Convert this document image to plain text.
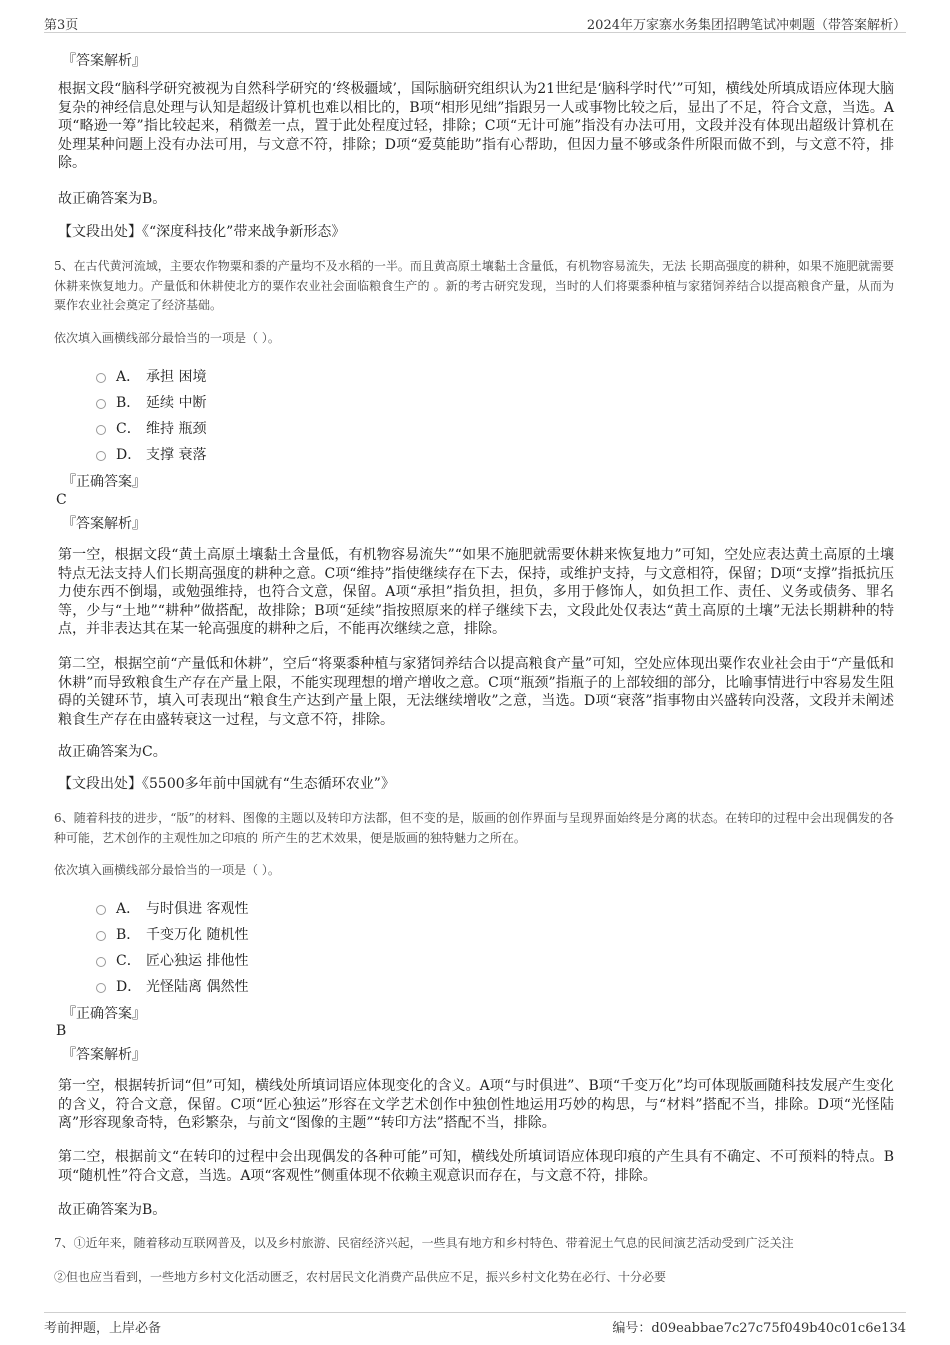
第3页	2024年万家寨水务集团招聘笔试冲刺题（带答案解析）
『答案解析』
根据文段“脑科学研究被视为自然科学研究的‘终极疆域’，国际脑研究组织认为21世纪是‘脑科学时代’”可知，横线处所填成语应体现大脑复杂的神经信息处理与认知是超级计算机也难以相比的，B项“相形见绌”指跟另一人或事物比较之后，显出了不足，符合文意，当选。A项“略逊一筹”指比较起来，稍微差一点，置于此处程度过轻，排除；C项“无计可施”指没有办法可用，文段并没有体现出超级计算机在处理某种问题上没有办法可用，与文意不符，排除；D项“爱莫能助”指有心帮助，但因力量不够或条件所限而做不到，与文意不符，排除。
故正确答案为B。
【文段出处】《“深度科技化”带来战争新形态》
5、在古代黄河流域，主要农作物粟和黍的产量均不及水稻的一半。而且黄高原土壤黏土含量低，有机物容易流失，无法 长期高强度的耕种，如果不施肥就需要休耕来恢复地力。产量低和休耕使北方的粟作农业社会面临粮食生产的 。新的考古研究发现，当时的人们将粟黍种植与家猪饲养结合以提高粮食产量，从而为粟作农业社会奠定了经济基础。
依次填入画横线部分最恰当的一项是（ ）。
A． 承担 困境
B． 延续 中断
C． 维持 瓶颈
D． 支撑 衰落
『正确答案』
C
『答案解析』
第一空，根据文段“黄土高原土壤黏土含量低，有机物容易流失”“如果不施肥就需要休耕来恢复地力”可知，空处应表达黄土高原的土壤特点无法支持人们长期高强度的耕种之意。C项“维持”指使继续存在下去，保持，或维护支持，与文意相符，保留；D项“支撑”指抵抗压力使东西不倒塌，或勉强维持，也符合文意，保留。A项“承担”指负担，担负，多用于修饰人，如负担工作、责任、义务或债务、罪名等，少与“土地”“耕种”做搭配，故排除；B项“延续”指按照原来的样子继续下去，文段此处仅表达“黄土高原的土壤”无法长期耕种的特点，并非表达其在某一轮高强度的耕种之后，不能再次继续之意，排除。
第二空，根据空前“产量低和休耕”，空后“将粟黍种植与家猪饲养结合以提高粮食产量”可知，空处应体现出粟作农业社会由于“产量低和休耕”而导致粮食生产存在产量上限，不能实现理想的增产增收之意。C项“瓶颈”指瓶子的上部较细的部分，比喻事情进行中容易发生阻碍的关键环节，填入可表现出“粮食生产达到产量上限，无法继续增收”之意，当选。D项“衰落”指事物由兴盛转向没落，文段并未阐述粮食生产存在由盛转衰这一过程，与文意不符，排除。
故正确答案为C。
【文段出处】《5500多年前中国就有“生态循环农业”》
6、随着科技的进步，“版”的材料、图像的主题以及转印方法都，但不变的是，版画的创作界面与呈现界面始终是分离的状态。在转印的过程中会出现偶发的各种可能，艺术创作的主观性加之印痕的 所产生的艺术效果，便是版画的独特魅力之所在。
依次填入画横线部分最恰当的一项是（ ）。
A． 与时俱进 客观性
B． 千变万化 随机性
C． 匠心独运 排他性
D． 光怪陆离 偶然性
『正确答案』
B
『答案解析』
第一空，根据转折词“但”可知，横线处所填词语应体现变化的含义。A项“与时俱进”、B项“千变万化”均可体现版画随科技发展产生变化的含义，符合文意，保留。C项“匠心独运”形容在文学艺术创作中独创性地运用巧妙的构思，与“材料”搭配不当，排除。D项“光怪陆离”形容现象奇特，色彩繁杂，与前文“图像的主题”“转印方法”搭配不当，排除。
第二空，根据前文“在转印的过程中会出现偶发的各种可能”可知，横线处所填词语应体现印痕的产生具有不确定、不可预料的特点。B项“随机性”符合文意，当选。A项“客观性”侧重体现不依赖主观意识而存在，与文意不符，排除。
故正确答案为B。
7、①近年来，随着移动互联网普及，以及乡村旅游、民宿经济兴起，一些具有地方和乡村特色、带着泥土气息的民间演艺活动受到广泛关注
②但也应当看到，一些地方乡村文化活动匮乏，农村居民文化消费产品供应不足，振兴乡村文化势在必行、十分必要
考前押题，上岸必备	编号：d09eabbae7c27c75f049b40c01c6e134
